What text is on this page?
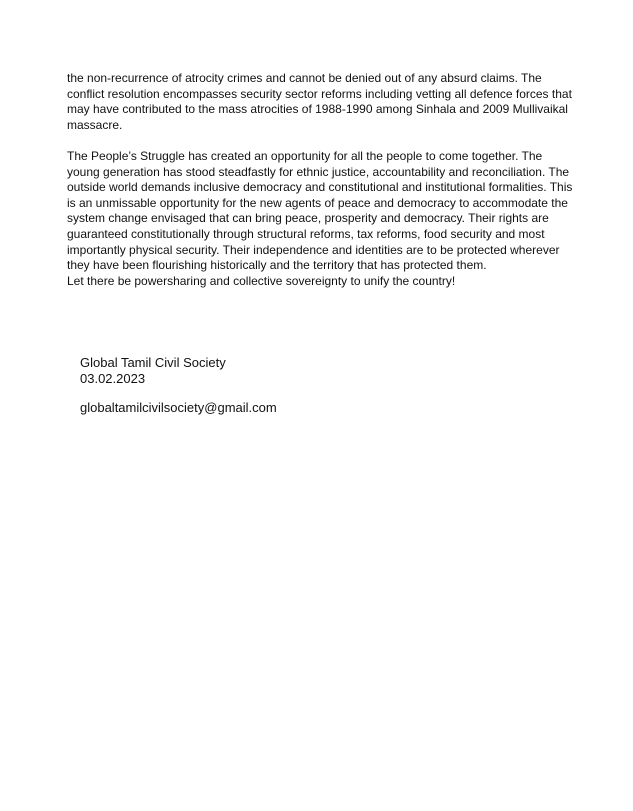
the non-recurrence of atrocity crimes and cannot be denied out of any absurd claims. The
conflict resolution encompasses security sector reforms including vetting all defence forces that
may have contributed to the mass atrocities of 1988-1990 among Sinhala and 2009 Mullivaikal
massacre.

The People’s Struggle has created an opportunity for all the people to come together. The
young generation has stood steadfastly for ethnic justice, accountability and reconciliation. The
outside world demands inclusive democracy and constitutional and institutional formalities. This
is an unmissable opportunity for the new agents of peace and democracy to accommodate the
system change envisaged that can bring peace, prosperity and democracy. Their rights are
guaranteed constitutionally through structural reforms, tax reforms, food security and most
importantly physical security. Their independence and identities are to be protected wherever
they have been flourishing historically and the territory that has protected them.
Let there be powersharing and collective sovereignty to unify the country!

Global Tamil Civil Society
03.02.2023
globaltamilcivilsociety@gmail.com
